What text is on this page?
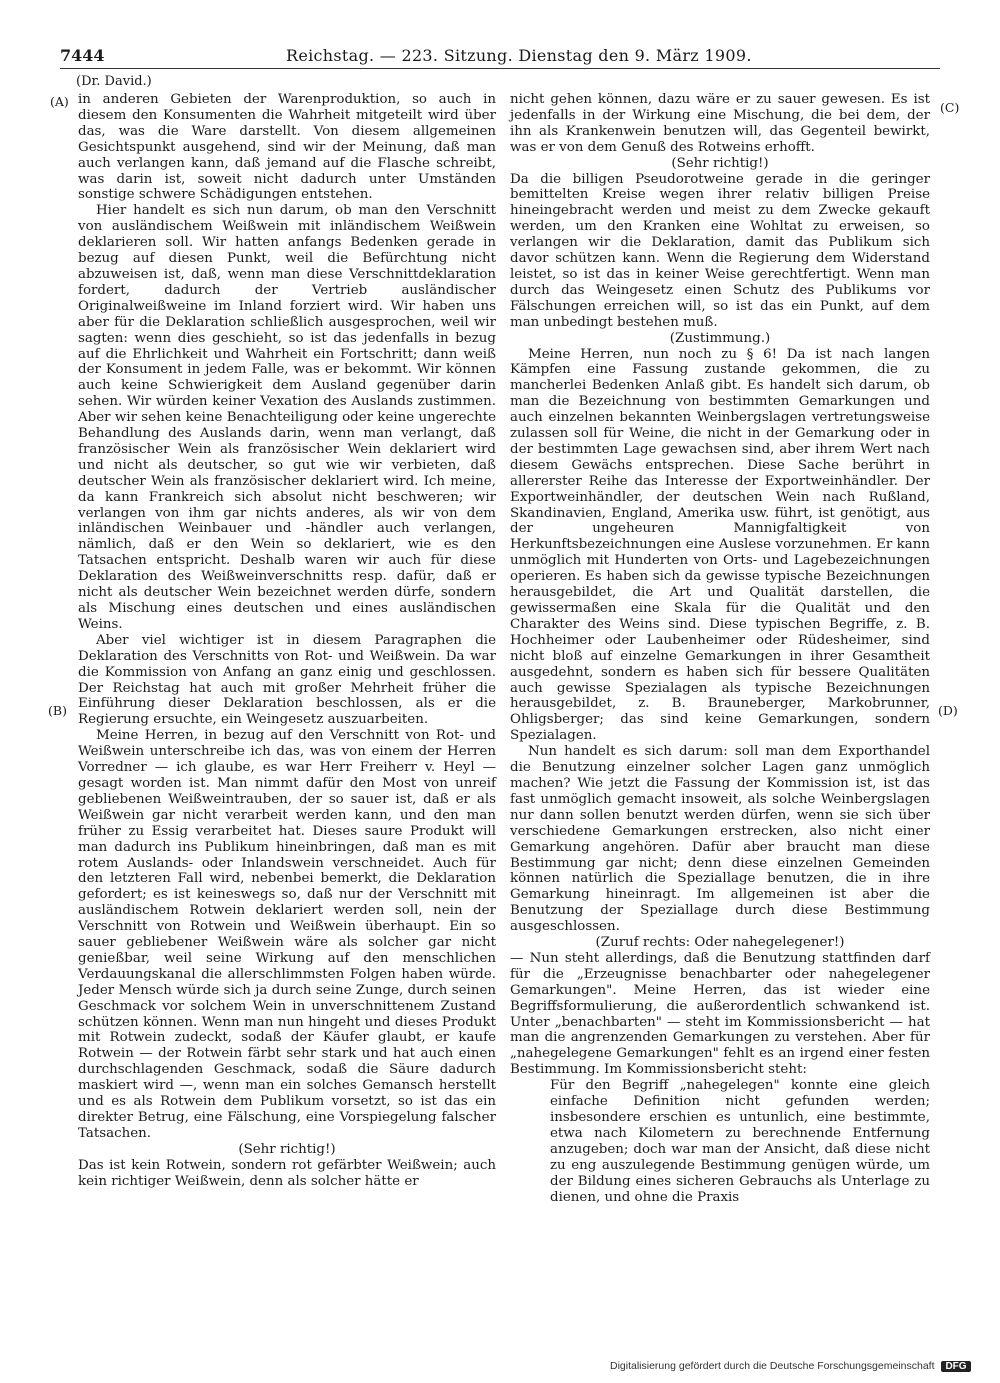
7444	Reichstag. — 223. Sitzung. Dienstag den 9. März 1909.
(Dr. David.)
(A)
(B)
(C)
(D)

in anderen Gebieten der Warenproduktion, so auch in diesem den Konsumenten die Wahrheit mitgeteilt wird über das, was die Ware darstellt. Von diesem allgemeinen Gesichtspunkt ausgehend, sind wir der Meinung, daß man auch verlangen kann, daß jemand auf die Flasche schreibt, was darin ist, soweit nicht dadurch unter Umständen sonstige schwere Schädigungen entstehen.

Hier handelt es sich nun darum, ob man den Verschnitt von ausländischem Weißwein mit inländischem Weißwein deklarieren soll. Wir hatten anfangs Bedenken gerade in bezug auf diesen Punkt, weil die Befürchtung nicht abzuweisen ist, daß, wenn man diese Verschnittdeklaration fordert, dadurch der Vertrieb ausländischer Originalweißweine im Inland forziert wird. Wir haben uns aber für die Deklaration schließlich ausgesprochen, weil wir sagten: wenn dies geschieht, so ist das jedenfalls in bezug auf die Ehrlichkeit und Wahrheit ein Fortschritt; dann weiß der Konsument in jedem Falle, was er bekommt. Wir können auch keine Schwierigkeit dem Ausland gegenüber darin sehen. Wir würden keiner Vexation des Auslands zustimmen. Aber wir sehen keine Benachteiligung oder keine ungerechte Behandlung des Auslands darin, wenn man verlangt, daß französischer Wein als französischer Wein deklariert wird und nicht als deutscher, so gut wie wir verbieten, daß deutscher Wein als französischer deklariert wird. Ich meine, da kann Frankreich sich absolut nicht beschweren; wir verlangen von ihm gar nichts anderes, als wir von dem inländischen Weinbauer und -händler auch verlangen, nämlich, daß er den Wein so deklariert, wie es den Tatsachen entspricht. Deshalb waren wir auch für diese Deklaration des Weißweinverschnitts resp. dafür, daß er nicht als deutscher Wein bezeichnet werden dürfe, sondern als Mischung eines deutschen und eines ausländischen Weins.

Aber viel wichtiger ist in diesem Paragraphen die Deklaration des Verschnitts von Rot- und Weißwein. Da war die Kommission von Anfang an ganz einig und geschlossen. Der Reichstag hat auch mit großer Mehrheit früher die Einführung dieser Deklaration beschlossen, als er die Regierung ersuchte, ein Weingesetz auszuarbeiten.

Meine Herren, in bezug auf den Verschnitt von Rot- und Weißwein unterschreibe ich das, was von einem der Herren Vorredner — ich glaube, es war Herr Freiherr v. Heyl — gesagt worden ist. Man nimmt dafür den Most von unreif gebliebenen Weißweintrauben, der so sauer ist, daß er als Weißwein gar nicht verarbeit werden kann, und den man früher zu Essig verarbeitet hat. Dieses saure Produkt will man dadurch ins Publikum hineinbringen, daß man es mit rotem Auslands- oder Inlandswein verschneidet. Auch für den letzteren Fall wird, nebenbei bemerkt, die Deklaration gefordert; es ist keineswegs so, daß nur der Verschnitt mit ausländischem Rotwein deklariert werden soll, nein der Verschnitt von Rotwein und Weißwein überhaupt. Ein so sauer gebliebener Weißwein wäre als solcher gar nicht genießbar, weil seine Wirkung auf den menschlichen Verdauungskanal die allerschlimmsten Folgen haben würde. Jeder Mensch würde sich ja durch seine Zunge, durch seinen Geschmack vor solchem Wein in unverschnittenem Zustand schützen können. Wenn man nun hingeht und dieses Produkt mit Rotwein zudeckt, sodaß der Käufer glaubt, er kaufe Rotwein — der Rotwein färbt sehr stark und hat auch einen durchschlagenden Geschmack, sodaß die Säure dadurch maskiert wird —, wenn man ein solches Gemansch herstellt und es als Rotwein dem Publikum vorsetzt, so ist das ein direkter Betrug, eine Fälschung, eine Vorspiegelung falscher Tatsachen.

(Sehr richtig!)

Das ist kein Rotwein, sondern rot gefärbter Weißwein; auch kein richtiger Weißwein, denn als solcher hätte er

nicht gehen können, dazu wäre er zu sauer gewesen. Es ist jedenfalls in der Wirkung eine Mischung, die bei dem, der ihn als Krankenwein benutzen will, das Gegenteil bewirkt, was er von dem Genuß des Rotweins erhofft.

(Sehr richtig!)

Da die billigen Pseudorotweine gerade in die geringer bemittelten Kreise wegen ihrer relativ billigen Preise hineingebracht werden und meist zu dem Zwecke gekauft werden, um den Kranken eine Wohltat zu erweisen, so verlangen wir die Deklaration, damit das Publikum sich davor schützen kann. Wenn die Regierung dem Widerstand leistet, so ist das in keiner Weise gerechtfertigt. Wenn man durch das Weingesetz einen Schutz des Publikums vor Fälschungen erreichen will, so ist das ein Punkt, auf dem man unbedingt bestehen muß.

(Zustimmung.)

Meine Herren, nun noch zu § 6! Da ist nach langen Kämpfen eine Fassung zustande gekommen, die zu mancherlei Bedenken Anlaß gibt. Es handelt sich darum, ob man die Bezeichnung von bestimmten Gemarkungen und auch einzelnen bekannten Weinbergslagen vertretungsweise zulassen soll für Weine, die nicht in der Gemarkung oder in der bestimmten Lage gewachsen sind, aber ihrem Wert nach diesem Gewächs entsprechen. Diese Sache berührt in allererster Reihe das Interesse der Exportweinhändler. Der Exportweinhändler, der deutschen Wein nach Rußland, Skandinavien, England, Amerika usw. führt, ist genötigt, aus der ungeheuren Mannigfaltigkeit von Herkunftsbezeichnungen eine Auslese vorzunehmen. Er kann unmöglich mit Hunderten von Orts- und Lagebezeichnungen operieren. Es haben sich da gewisse typische Bezeichnungen herausgebildet, die Art und Qualität darstellen, die gewissermaßen eine Skala für die Qualität und den Charakter des Weins sind. Diese typischen Begriffe, z. B. Hochheimer oder Laubenheimer oder Rüdesheimer, sind nicht bloß auf einzelne Gemarkungen in ihrer Gesamtheit ausgedehnt, sondern es haben sich für bessere Qualitäten auch gewisse Spezialagen als typische Bezeichnungen herausgebildet, z. B. Brauneberger, Markobrunner, Ohligsberger; das sind keine Gemarkungen, sondern Spezialagen.

Nun handelt es sich darum: soll man dem Exporthandel die Benutzung einzelner solcher Lagen ganz unmöglich machen? Wie jetzt die Fassung der Kommission ist, ist das fast unmöglich gemacht insoweit, als solche Weinbergslagen nur dann sollen benutzt werden dürfen, wenn sie sich über verschiedene Gemarkungen erstrecken, also nicht einer Gemarkung angehören. Dafür aber braucht man diese Bestimmung gar nicht; denn diese einzelnen Gemeinden können natürlich die Speziallage benutzen, die in ihre Gemarkung hineinragt. Im allgemeinen ist aber die Benutzung der Speziallage durch diese Bestimmung ausgeschlossen.

(Zuruf rechts: Oder nahegelegener!)

— Nun steht allerdings, daß die Benutzung stattfinden darf für die „Erzeugnisse benachbarter oder nahegelegener Gemarkungen". Meine Herren, das ist wieder eine Begriffsformulierung, die außerordentlich schwankend ist. Unter „benachbarten" — steht im Kommissionsbericht — hat man die angrenzenden Gemarkungen zu verstehen. Aber für „nahegelegene Gemarkungen" fehlt es an irgend einer festen Bestimmung. Im Kommissionsbericht steht:

Für den Begriff „nahegelegen" konnte eine gleich einfache Definition nicht gefunden werden; insbesondere erschien es untunlich, eine bestimmte, etwa nach Kilometern zu berechnende Entfernung anzugeben; doch war man der Ansicht, daß diese nicht zu eng auszulegende Bestimmung genügen würde, um der Bildung eines sicheren Gebrauchs als Unterlage zu dienen, und ohne die Praxis

Digitalisierung gefördert durch die Deutsche Forschungsgemeinschaft DFG
